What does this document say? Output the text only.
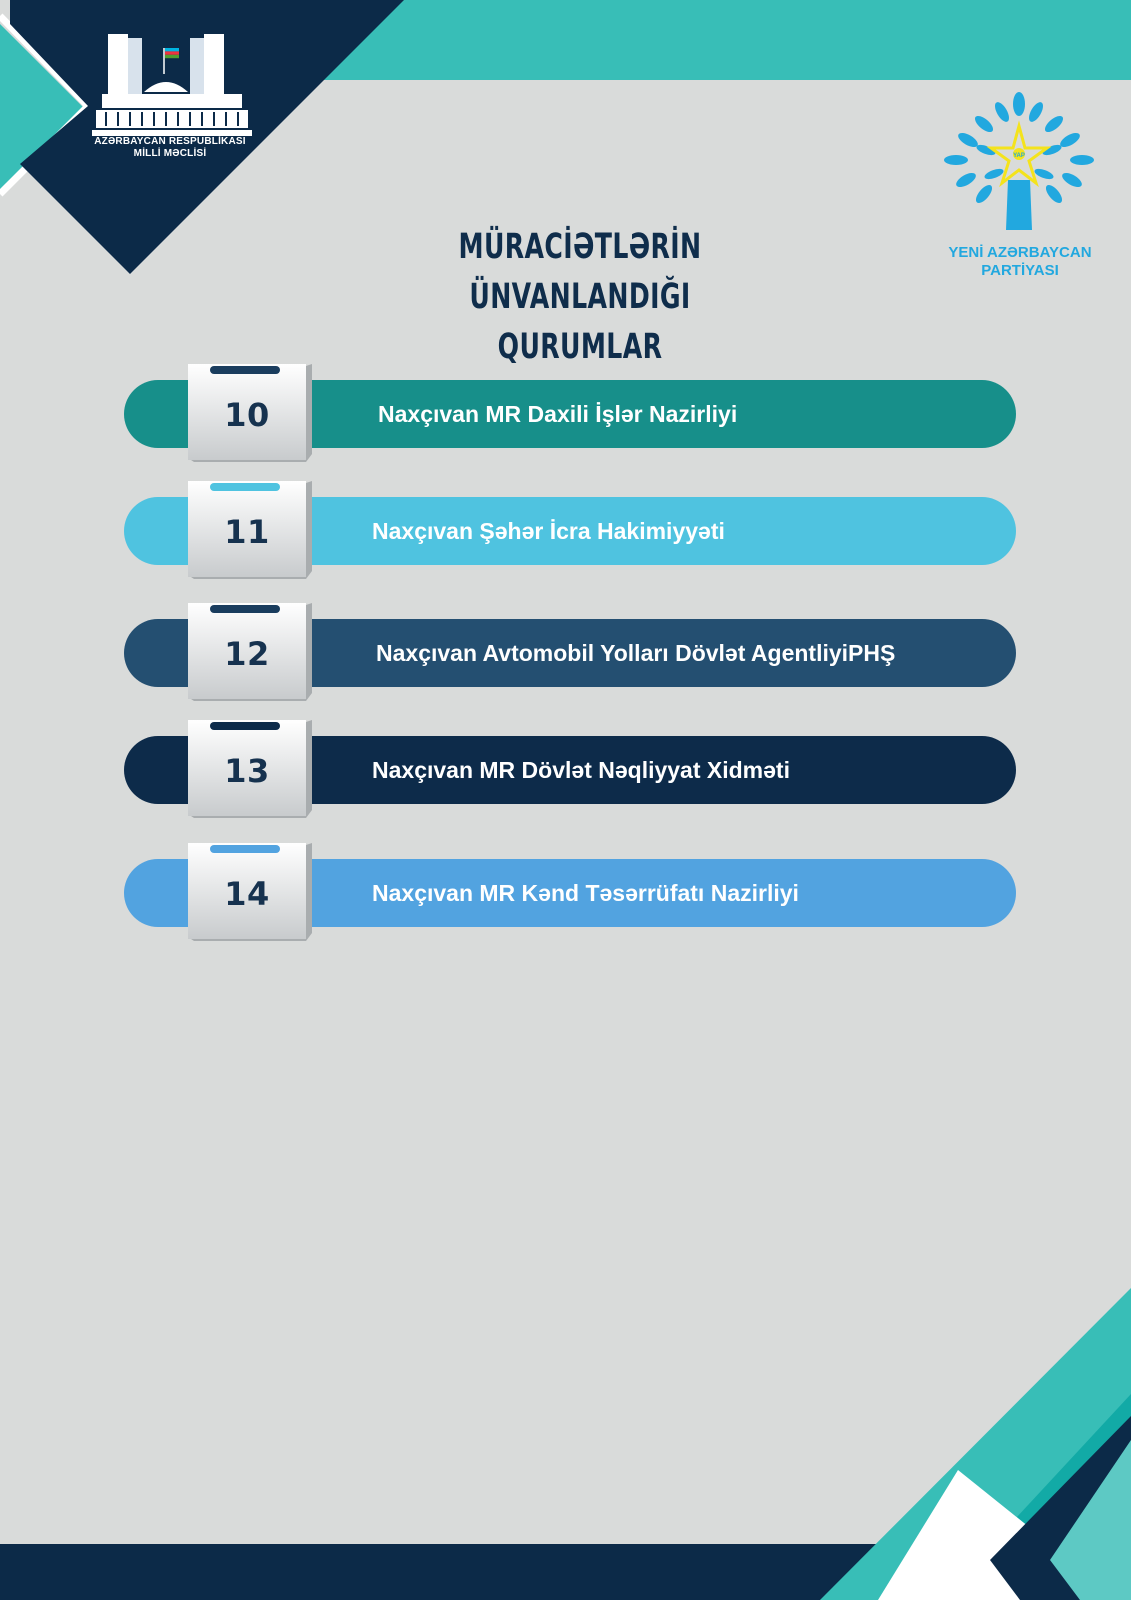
AZƏRBAYCAN RESPUBLİKASI
MİLLİ MƏCLİSİ	YAP
YENİ AZƏRBAYCAN
PARTİYASI
MÜRACİƏTLƏRİN ÜNVANLANDIĞI
QURUMLAR
Naxçıvan MR Daxili İşlər Nazirliyi
10
Naxçıvan Şəhər İcra Hakimiyyəti
11
Naxçıvan Avtomobil Yolları Dövlət AgentliyiPHŞ
12
Naxçıvan MR Dövlət Nəqliyyat Xidməti
13
Naxçıvan MR Kənd Təsərrüfatı Nazirliyi
14
